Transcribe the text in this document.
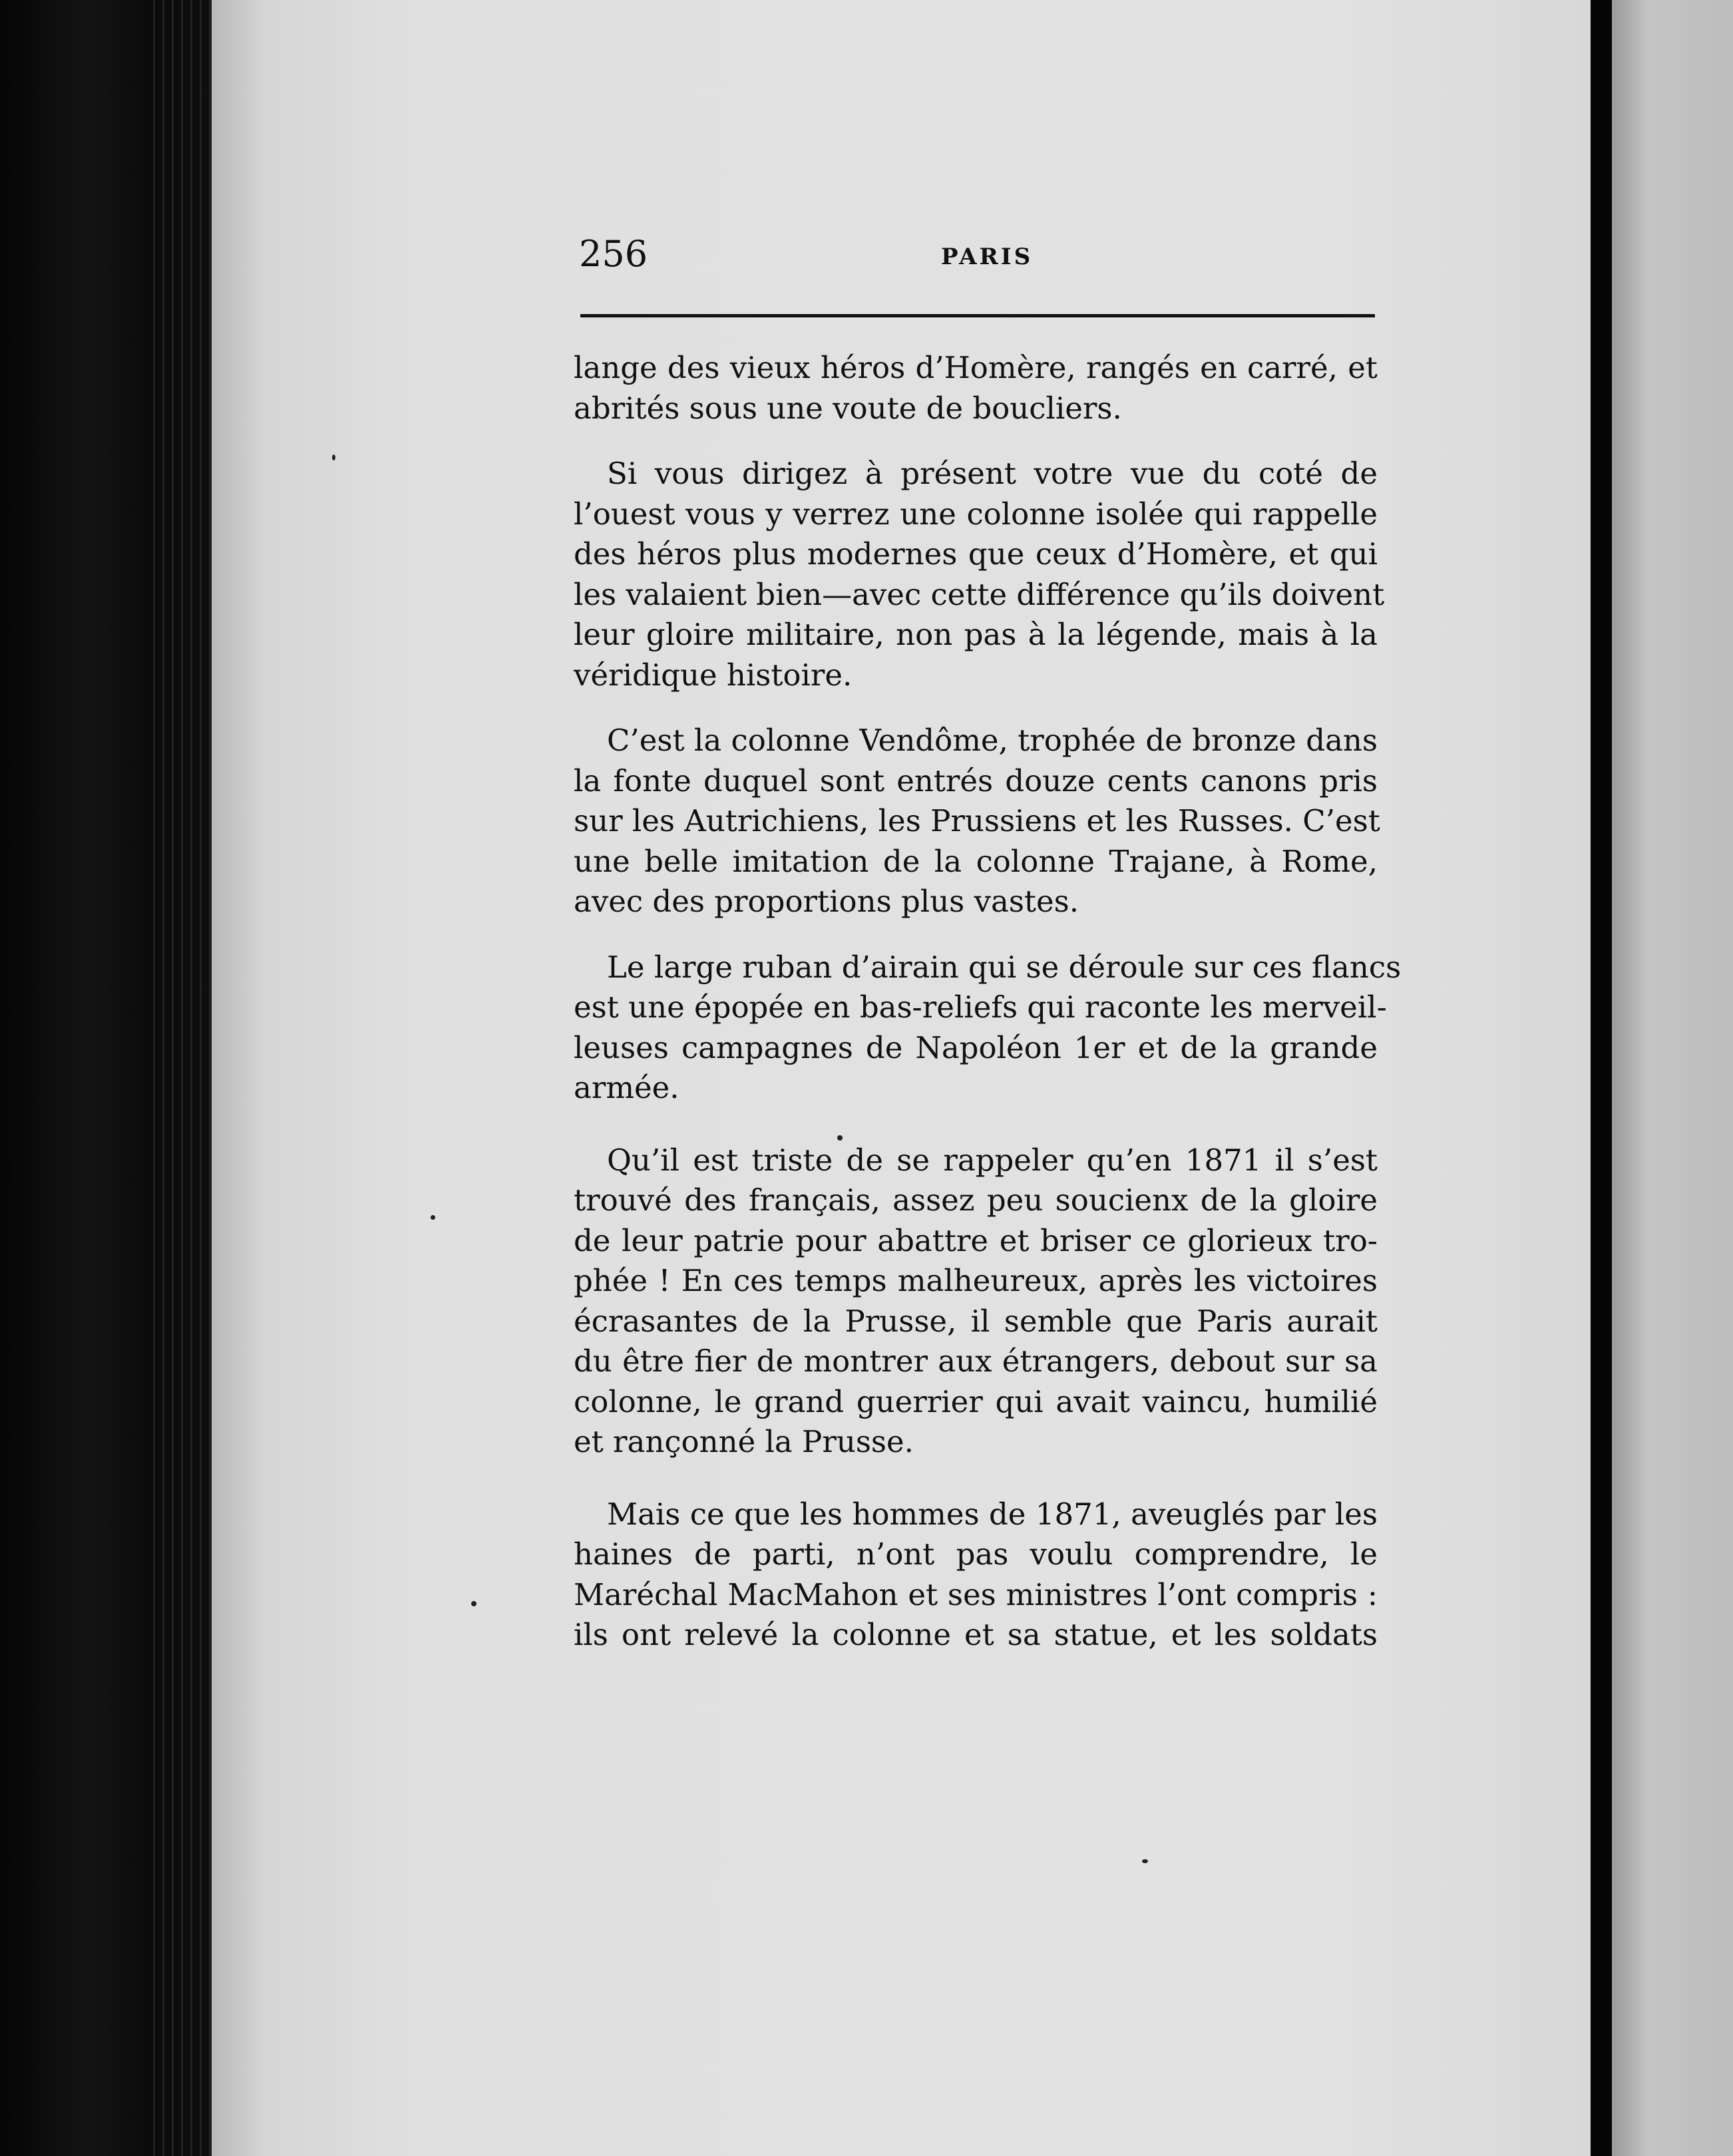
256	PARIS

lange des vieux héros d’Homère, rangés en carré, et
abrités sous une voute de boucliers.

Si vous dirigez à présent votre vue du coté de
l’ouest vous y verrez une colonne isolée qui rappelle
des héros plus modernes que ceux d’Homère, et qui
les valaient bien—avec cette différence qu’ils doivent
leur gloire militaire, non pas à la légende, mais à la
véridique histoire.

C’est la colonne Vendôme, trophée de bronze dans
la fonte duquel sont entrés douze cents canons pris
sur les Autrichiens, les Prussiens et les Russes. C’est
une belle imitation de la colonne Trajane, à Rome,
avec des proportions plus vastes.

Le large ruban d’airain qui se déroule sur ces flancs
est une épopée en bas-reliefs qui raconte les merveil-
leuses campagnes de Napoléon 1er et de la grande
armée.

Qu’il est triste de se rappeler qu’en 1871 il s’est
trouvé des français, assez peu soucienx de la gloire
de leur patrie pour abattre et briser ce glorieux tro-
phée ! En ces temps malheureux, après les victoires
écrasantes de la Prusse, il semble que Paris aurait
du être fier de montrer aux étrangers, debout sur sa
colonne, le grand guerrier qui avait vaincu, humilié
et rançonné la Prusse.

Mais ce que les hommes de 1871, aveuglés par les
haines de parti, n’ont pas voulu comprendre, le
Maréchal MacMahon et ses ministres l’ont compris :
ils ont relevé la colonne et sa statue, et les soldats
